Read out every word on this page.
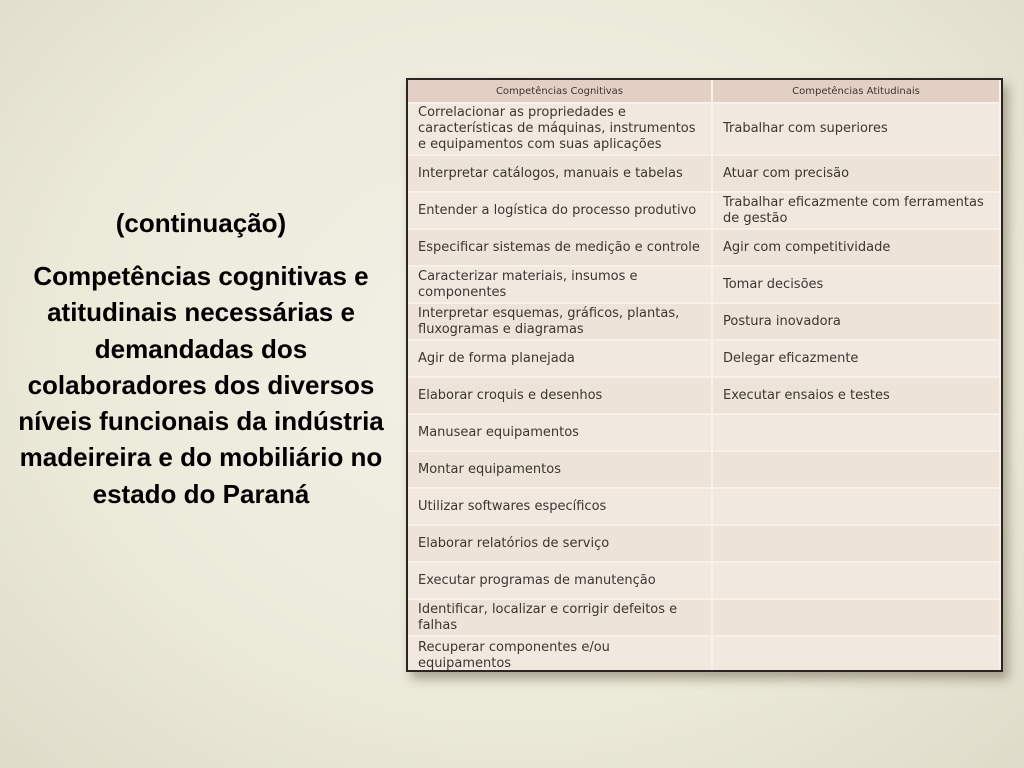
(continuação)
Competências cognitivas e atitudinais necessárias e demandadas dos colaboradores dos diversos níveis funcionais da indústria madeireira e do mobiliário no estado do Paraná
Competências Cognitivas	Competências Atitudinais
Correlacionar as propriedades e características de máquinas, instrumentos e equipamentos com suas aplicações	Trabalhar com superiores
Interpretar catálogos, manuais e tabelas	Atuar com precisão
Entender a logística do processo produtivo	Trabalhar eficazmente com ferramentas de gestão
Especificar sistemas de medição e controle	Agir com competitividade
Caracterizar materiais, insumos e componentes	Tomar decisões
Interpretar esquemas, gráficos, plantas, fluxogramas e diagramas	Postura inovadora
Agir de forma planejada	Delegar eficazmente
Elaborar croquis e desenhos	Executar ensaios e testes
Manusear equipamentos	
Montar equipamentos	
Utilizar softwares específicos	
Elaborar relatórios de serviço	
Executar programas de manutenção	
Identificar, localizar e corrigir defeitos e falhas	
Recuperar componentes e/ou equipamentos	
